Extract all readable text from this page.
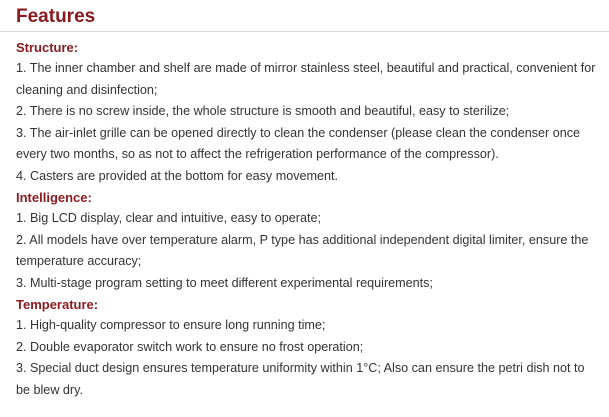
Features

Structure:

1. The inner chamber and shelf are made of mirror stainless steel, beautiful and practical, convenient for cleaning and disinfection;

2. There is no screw inside, the whole structure is smooth and beautiful, easy to sterilize;

3. The air-inlet grille can be opened directly to clean the condenser (please clean the condenser once every two months, so as not to affect the refrigeration performance of the compressor).

4. Casters are provided at the bottom for easy movement.

Intelligence:

1. Big LCD display, clear and intuitive, easy to operate;

2. All models have over temperature alarm, P type has additional independent digital limiter, ensure the temperature accuracy;

3. Multi-stage program setting to meet different experimental requirements;

Temperature:

1. High-quality compressor to ensure long running time;

2. Double evaporator switch work to ensure no frost operation;

3. Special duct design ensures temperature uniformity within 1°C; Also can ensure the petri dish not to be blew dry.
